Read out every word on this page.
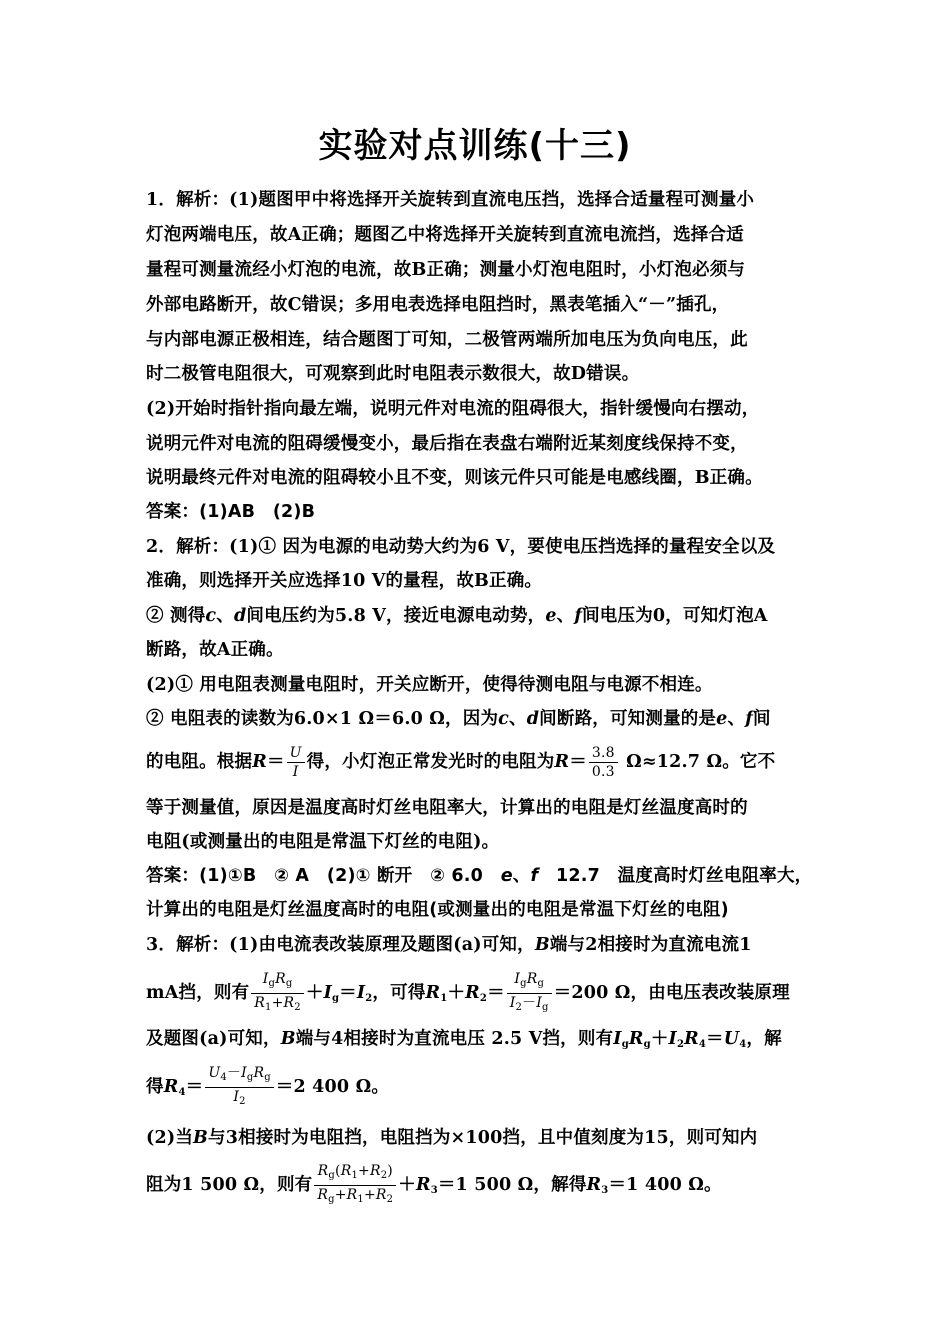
实验对点训练(十三)
1．解析：(1)题图甲中将选择开关旋转到直流电压挡，选择合适量程可测量小
灯泡两端电压，故A正确；题图乙中将选择开关旋转到直流电流挡，选择合适
量程可测量流经小灯泡的电流，故B正确；测量小灯泡电阻时，小灯泡必须与
外部电路断开，故C错误；多用电表选择电阻挡时，黑表笔插入“－”插孔，
与内部电源正极相连，结合题图丁可知，二极管两端所加电压为负向电压，此
时二极管电阻很大，可观察到此时电阻表示数很大，故D错误。
(2)开始时指针指向最左端，说明元件对电流的阻碍很大，指针缓慢向右摆动，
说明元件对电流的阻碍缓慢变小，最后指在表盘右端附近某刻度线保持不变，
说明最终元件对电流的阻碍较小且不变，则该元件只可能是电感线圈，B正确。
答案：(1)AB　(2)B
2．解析：(1)① 因为电源的电动势大约为6 V，要使电压挡选择的量程安全以及
准确，则选择开关应选择10 V的量程，故B正确。
② 测得c、d间电压约为5.8 V，接近电源电动势，e、f间电压为0，可知灯泡A
断路，故A正确。
(2)① 用电阻表测量电阻时，开关应断开，使得待测电阻与电源不相连。
② 电阻表的读数为6.0×1 Ω＝6.0 Ω，因为c、d间断路，可知测量的是e、f间
的电阻。根据$R= \frac{U}{I}$ 得，小灯泡正常发光时的电阻为$R= \frac{3.8}{0.3} \Omega\approx 12.7$ Ω。它不
等于测量值，原因是温度高时灯丝电阻率大，计算出的电阻是灯丝温度高时的
电阻(或测量出的电阻是常温下灯丝的电阻)。
答案：(1)①B　② A　(2)① 断开　② 6.0　e、f　12.7　温度高时灯丝电阻率大，
计算出的电阻是灯丝温度高时的电阻(或测量出的电阻是常温下灯丝的电阻)
3．解析：(1)由电流表改装原理及题图(a)可知，B端与2相接时为直流电流1
mA挡，则有 $\frac{I_gR_g}{R_1+R_2} +I_g=I_2$，可得$R_1+R_2= \frac{I_gR_g}{I_2-I_g} =200$ Ω，由电压表改装原理
及题图(a)可知，B端与4相接时为直流电压 2.5 V挡，则有$I_gR_g+I_2R_4=U_4$，解
得$R_4= \frac{U_4-I_gR_g}{I_2} =2$ 400 Ω。
(2)当B与3相接时为电阻挡，电阻挡为×100挡，且中值刻度为15，则可知内
阻为1 500 Ω，则有 $\frac{R_g(R_1+R_2)}{R_g+R_1+R_2} +R_3=1$ 500 Ω，解得$R_3=1$ 400 Ω。
